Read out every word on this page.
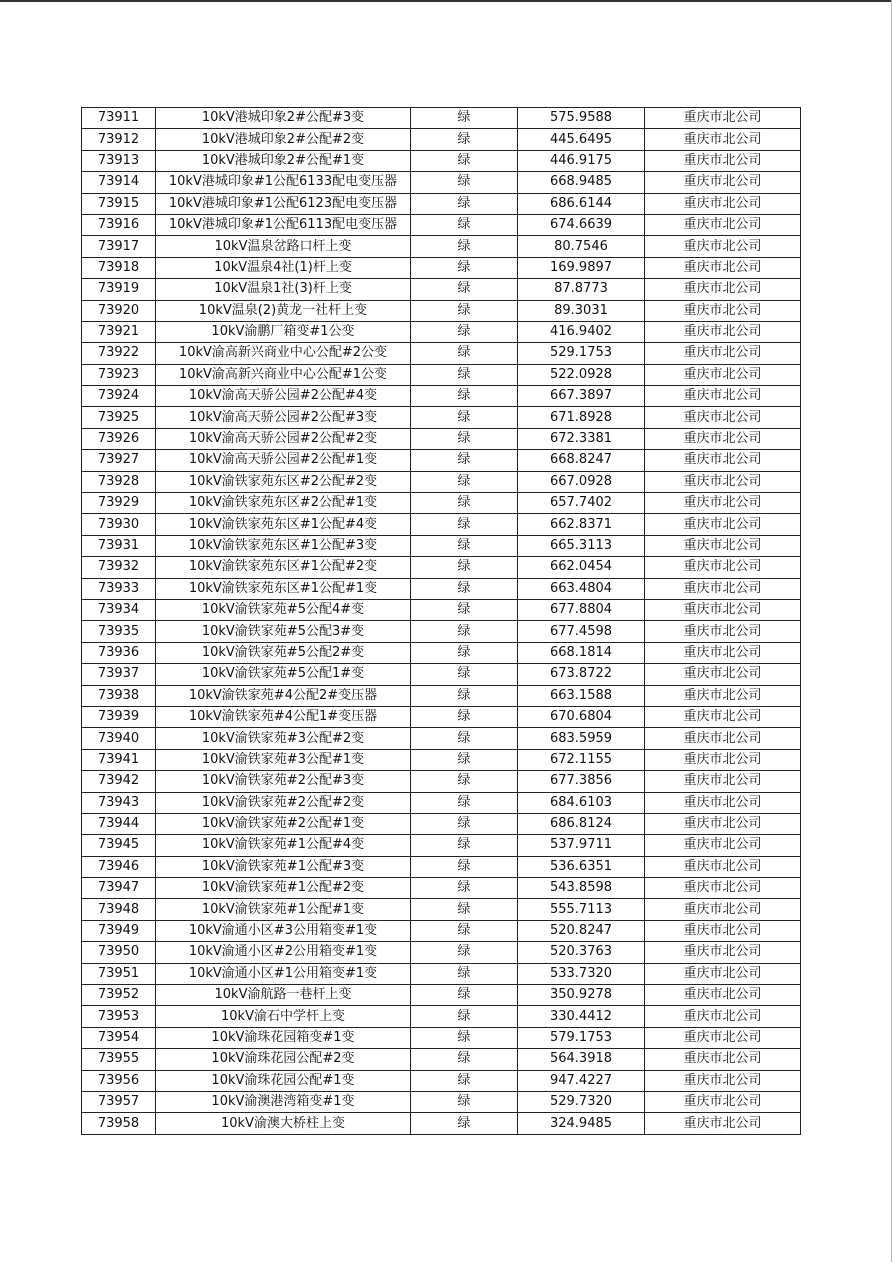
73911	10kV港城印象2#公配#3变	绿	575.9588	重庆市北公司
73912	10kV港城印象2#公配#2变	绿	445.6495	重庆市北公司
73913	10kV港城印象2#公配#1变	绿	446.9175	重庆市北公司
73914	10kV港城印象#1公配6133配电变压器	绿	668.9485	重庆市北公司
73915	10kV港城印象#1公配6123配电变压器	绿	686.6144	重庆市北公司
73916	10kV港城印象#1公配6113配电变压器	绿	674.6639	重庆市北公司
73917	10kV温泉岔路口杆上变	绿	80.7546	重庆市北公司
73918	10kV温泉4社(1)杆上变	绿	169.9897	重庆市北公司
73919	10kV温泉1社(3)杆上变	绿	87.8773	重庆市北公司
73920	10kV温泉(2)黄龙一社杆上变	绿	89.3031	重庆市北公司
73921	10kV渝鹏厂箱变#1公变	绿	416.9402	重庆市北公司
73922	10kV渝高新兴商业中心公配#2公变	绿	529.1753	重庆市北公司
73923	10kV渝高新兴商业中心公配#1公变	绿	522.0928	重庆市北公司
73924	10kV渝高天骄公园#2公配#4变	绿	667.3897	重庆市北公司
73925	10kV渝高天骄公园#2公配#3变	绿	671.8928	重庆市北公司
73926	10kV渝高天骄公园#2公配#2变	绿	672.3381	重庆市北公司
73927	10kV渝高天骄公园#2公配#1变	绿	668.8247	重庆市北公司
73928	10kV渝铁家苑东区#2公配#2变	绿	667.0928	重庆市北公司
73929	10kV渝铁家苑东区#2公配#1变	绿	657.7402	重庆市北公司
73930	10kV渝铁家苑东区#1公配#4变	绿	662.8371	重庆市北公司
73931	10kV渝铁家苑东区#1公配#3变	绿	665.3113	重庆市北公司
73932	10kV渝铁家苑东区#1公配#2变	绿	662.0454	重庆市北公司
73933	10kV渝铁家苑东区#1公配#1变	绿	663.4804	重庆市北公司
73934	10kV渝铁家苑#5公配4#变	绿	677.8804	重庆市北公司
73935	10kV渝铁家苑#5公配3#变	绿	677.4598	重庆市北公司
73936	10kV渝铁家苑#5公配2#变	绿	668.1814	重庆市北公司
73937	10kV渝铁家苑#5公配1#变	绿	673.8722	重庆市北公司
73938	10kV渝铁家苑#4公配2#变压器	绿	663.1588	重庆市北公司
73939	10kV渝铁家苑#4公配1#变压器	绿	670.6804	重庆市北公司
73940	10kV渝铁家苑#3公配#2变	绿	683.5959	重庆市北公司
73941	10kV渝铁家苑#3公配#1变	绿	672.1155	重庆市北公司
73942	10kV渝铁家苑#2公配#3变	绿	677.3856	重庆市北公司
73943	10kV渝铁家苑#2公配#2变	绿	684.6103	重庆市北公司
73944	10kV渝铁家苑#2公配#1变	绿	686.8124	重庆市北公司
73945	10kV渝铁家苑#1公配#4变	绿	537.9711	重庆市北公司
73946	10kV渝铁家苑#1公配#3变	绿	536.6351	重庆市北公司
73947	10kV渝铁家苑#1公配#2变	绿	543.8598	重庆市北公司
73948	10kV渝铁家苑#1公配#1变	绿	555.7113	重庆市北公司
73949	10kV渝通小区#3公用箱变#1变	绿	520.8247	重庆市北公司
73950	10kV渝通小区#2公用箱变#1变	绿	520.3763	重庆市北公司
73951	10kV渝通小区#1公用箱变#1变	绿	533.7320	重庆市北公司
73952	10kV渝航路一巷杆上变	绿	350.9278	重庆市北公司
73953	10kV渝石中学杆上变	绿	330.4412	重庆市北公司
73954	10kV渝珠花园箱变#1变	绿	579.1753	重庆市北公司
73955	10kV渝珠花园公配#2变	绿	564.3918	重庆市北公司
73956	10kV渝珠花园公配#1变	绿	947.4227	重庆市北公司
73957	10kV渝澳港湾箱变#1变	绿	529.7320	重庆市北公司
73958	10kV渝澳大桥柱上变	绿	324.9485	重庆市北公司
